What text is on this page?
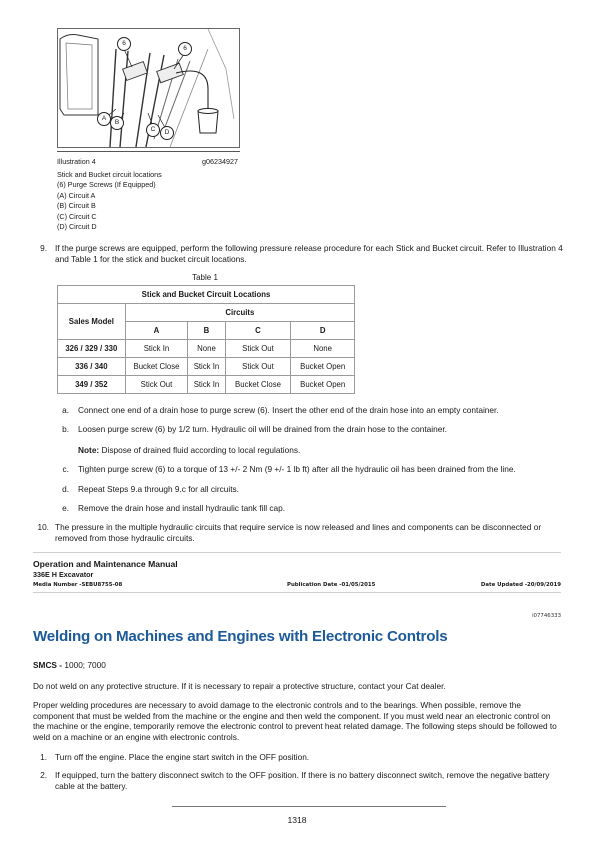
6
6
A
B
C	D
Illustration 4	g06234927
Stick and Bucket circuit locations
(6) Purge Screws (If Equipped)
(A) Circuit A
(B) Circuit B
(C) Circuit C
(D) Circuit D
9. If the purge screws are equipped, perform the following pressure release procedure for each Stick and Bucket circuit. Refer to Illustration 4 and Table 1 for the stick and bucket circuit locations.
Table 1
Stick and Bucket Circuit Locations				
Sales Model	Circuits			
	A	B	C	D
326 / 329 / 330	Stick In	None	Stick Out	None
336 / 340	Bucket Close	Stick In	Stick Out	Bucket Open
349 / 352	Stick Out	Stick In	Bucket Close	Bucket Open
a. Connect one end of a drain hose to purge screw (6). Insert the other end of the drain hose into an empty container.
b. Loosen purge screw (6) by 1/2 turn. Hydraulic oil will be drained from the drain hose to the container.
Note: Dispose of drained fluid according to local regulations.
c. Tighten purge screw (6) to a torque of 13 +/- 2 Nm (9 +/- 1 lb ft) after all the hydraulic oil has been drained from the line.
d. Repeat Steps 9.a through 9.c for all circuits.
e. Remove the drain hose and install hydraulic tank fill cap.
10. The pressure in the multiple hydraulic circuits that require service is now released and lines and components can be disconnected or removed from those hydraulic circuits.
Operation and Maintenance Manual
336E H Excavator
Media Number -SEBU8755-08	Publication Date -01/05/2015	Date Updated -20/09/2019
i07746333
Welding on Machines and Engines with Electronic Controls
SMCS - 1000; 7000
Do not weld on any protective structure. If it is necessary to repair a protective structure, contact your Cat dealer.
Proper welding procedures are necessary to avoid damage to the electronic controls and to the bearings. When possible, remove the component that must be welded from the machine or the engine and then weld the component. If you must weld near an electronic control on the machine or the engine, temporarily remove the electronic control to prevent heat related damage. The following steps should be followed to weld on a machine or an engine with electronic controls.
1. Turn off the engine. Place the engine start switch in the OFF position.
2. If equipped, turn the battery disconnect switch to the OFF position. If there is no battery disconnect switch, remove the negative battery cable at the battery.
1318
